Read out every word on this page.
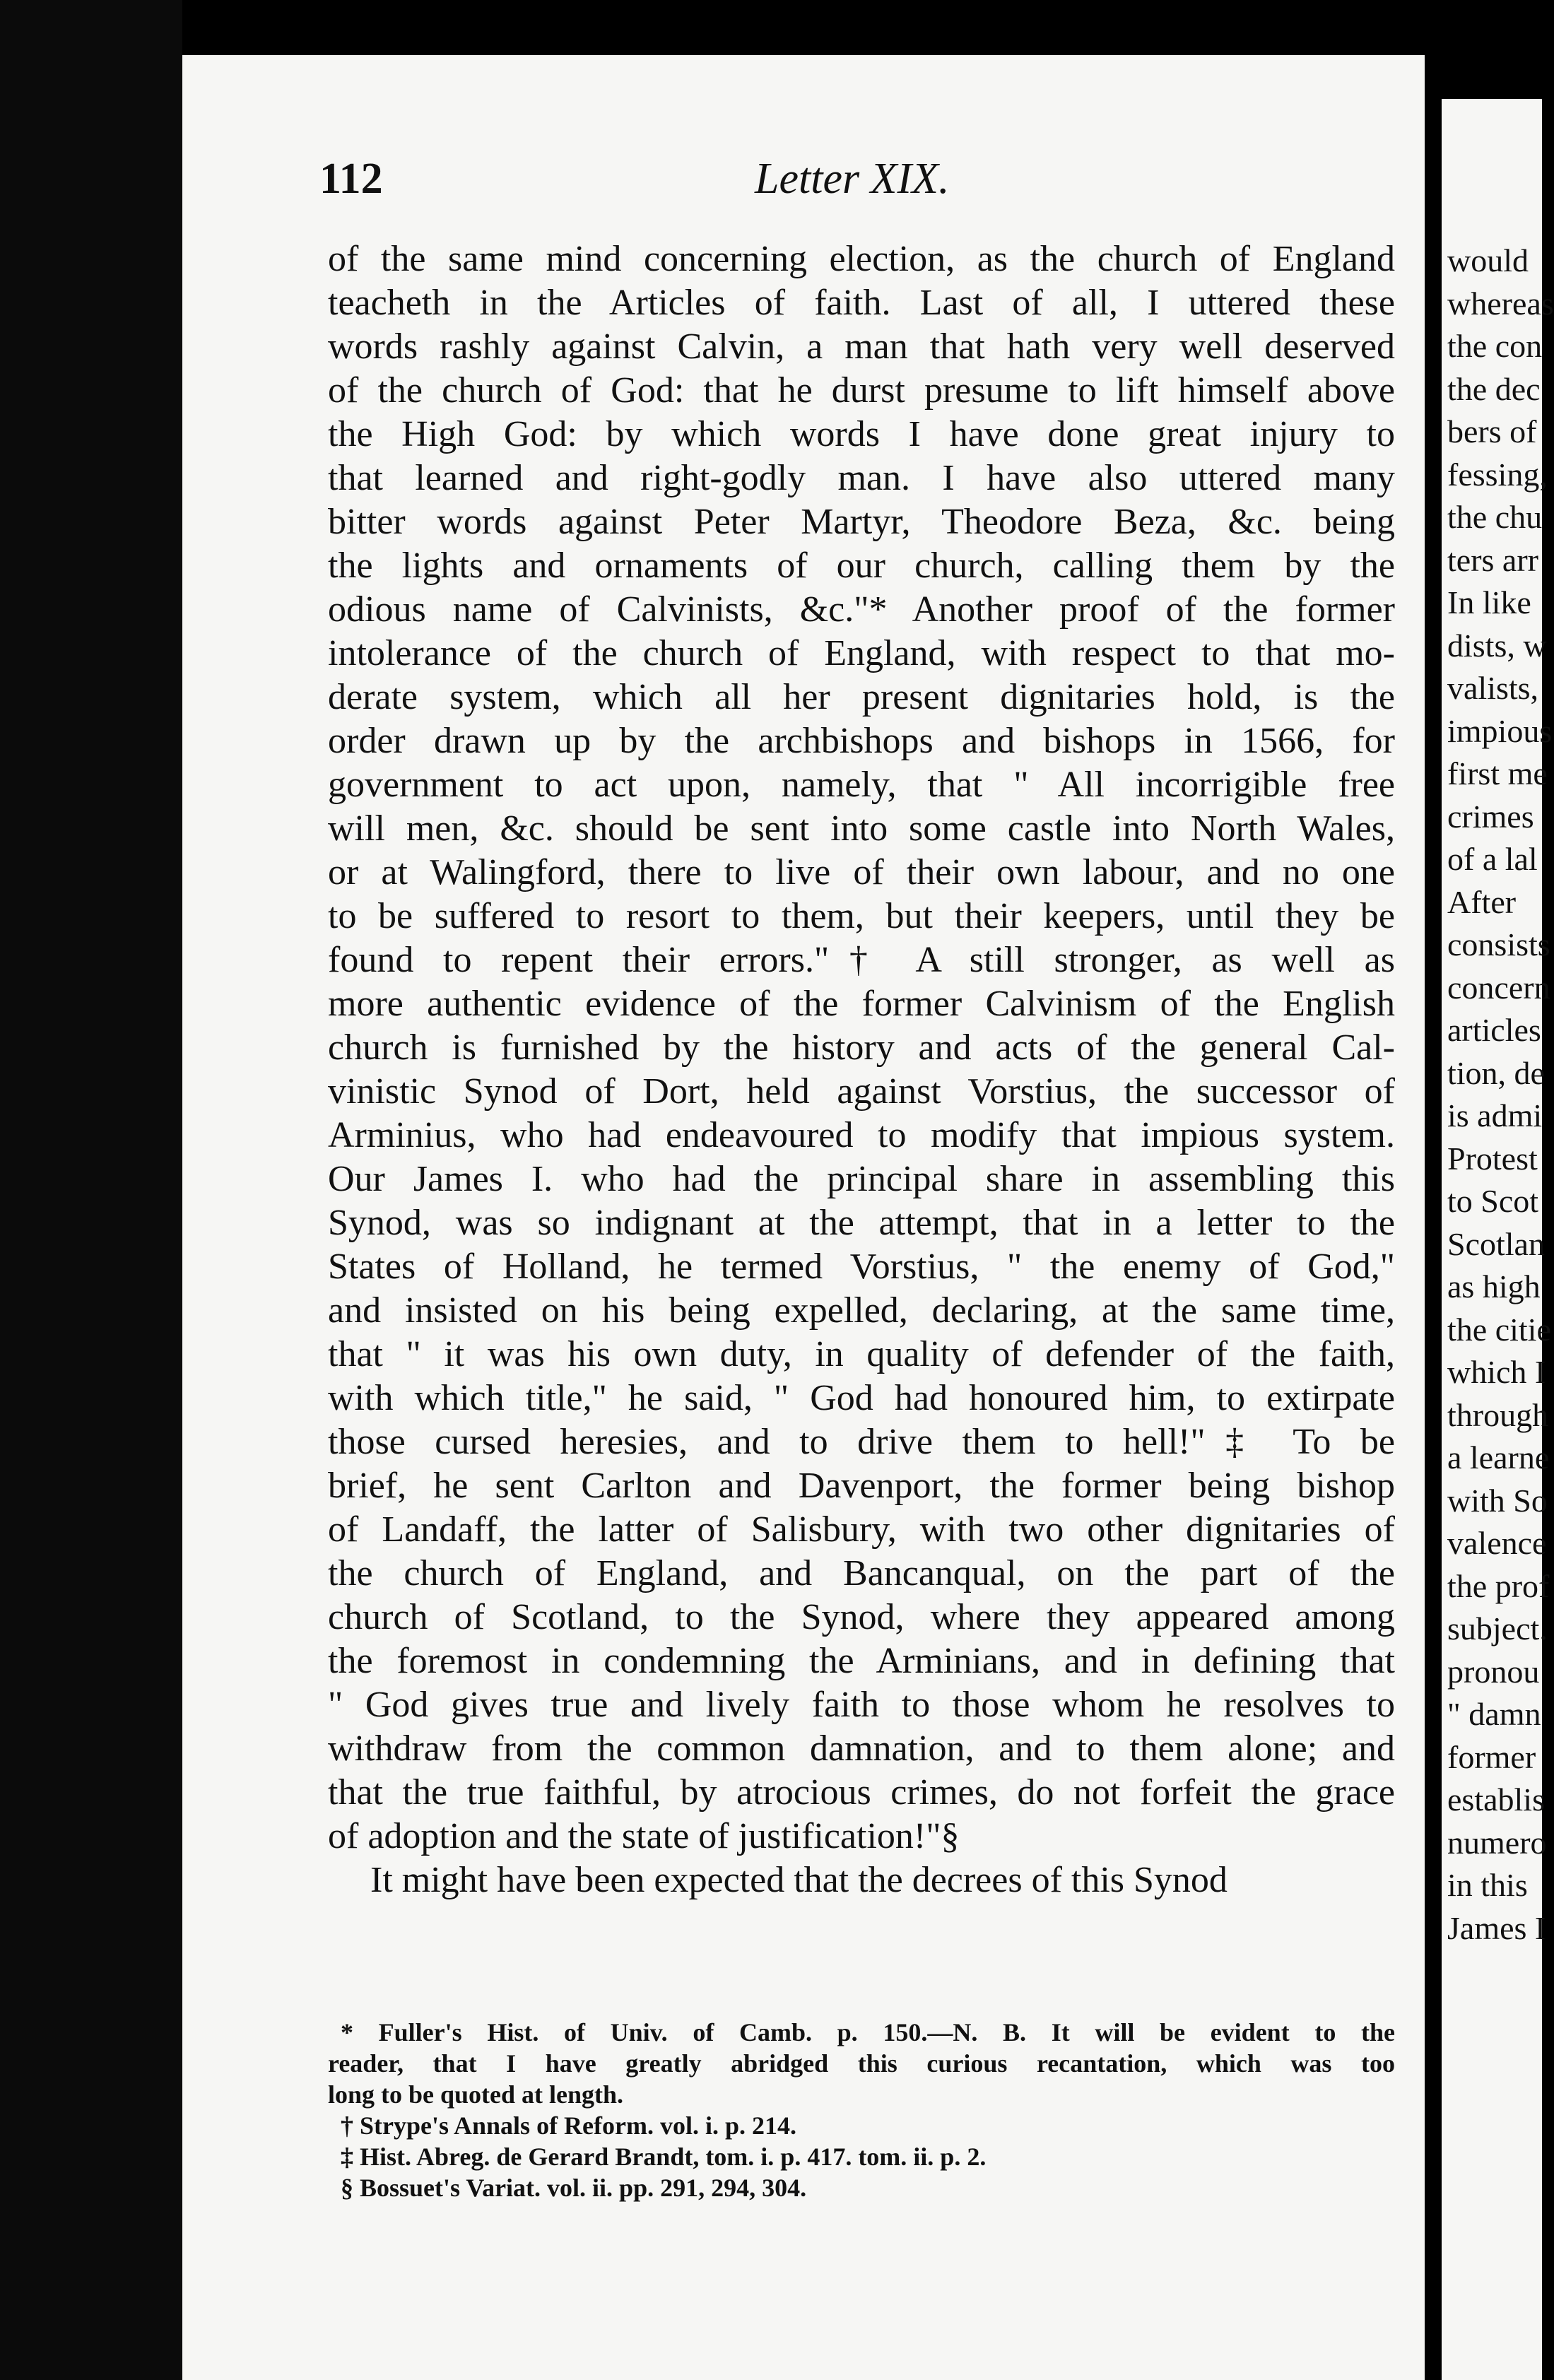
112	Letter XIX.
of the same mind concerning election, as the church of England
teacheth in the Articles of faith. Last of all, I uttered these
words rashly against Calvin, a man that hath very well deserved
of the church of God: that he durst presume to lift himself above
the High God: by which words I have done great injury to
that learned and right-godly man. I have also uttered many
bitter words against Peter Martyr, Theodore Beza, &c. being
the lights and ornaments of our church, calling them by the
odious name of Calvinists, &c."* Another proof of the former
intolerance of the church of England, with respect to that mo-
derate system, which all her present dignitaries hold, is the
order drawn up by the archbishops and bishops in 1566, for
government to act upon, namely, that " All incorrigible free
will men, &c. should be sent into some castle into North Wales,
or at Walingford, there to live of their own labour, and no one
to be suffered to resort to them, but their keepers, until they be
found to repent their errors."† A still stronger, as well as
more authentic evidence of the former Calvinism of the English
church is furnished by the history and acts of the general Cal-
vinistic Synod of Dort, held against Vorstius, the successor of
Arminius, who had endeavoured to modify that impious system.
Our James I. who had the principal share in assembling this
Synod, was so indignant at the attempt, that in a letter to the
States of Holland, he termed Vorstius, " the enemy of God,"
and insisted on his being expelled, declaring, at the same time,
that " it was his own duty, in quality of defender of the faith,
with which title," he said, " God had honoured him, to extirpate
those cursed heresies, and to drive them to hell!"‡ To be
brief, he sent Carlton and Davenport, the former being bishop
of Landaff, the latter of Salisbury, with two other dignitaries of
the church of England, and Bancanqual, on the part of the
church of Scotland, to the Synod, where they appeared among
the foremost in condemning the Arminians, and in defining that
" God gives true and lively faith to those whom he resolves to
withdraw from the common damnation, and to them alone; and
that the true faithful, by atrocious crimes, do not forfeit the grace
of adoption and the state of justification!"§
It might have been expected that the decrees of this Synod
* Fuller's Hist. of Univ. of Camb. p. 150.—N. B. It will be evident to the
reader, that I have greatly abridged this curious recantation, which was too
long to be quoted at length.
† Strype's Annals of Reform. vol. i. p. 214.
‡ Hist. Abreg. de Gerard Brandt, tom. i. p. 417. tom. ii. p. 2.
§ Bossuet's Variat. vol. ii. pp. 291, 294, 304.
would
whereas
the con
the dec
bers of
fessing,
the chu
ters arr
In like
dists, w
valists,
impious
first me
crimes
of a lal
After
consists
concern
articles
tion, de
is admi
Protest
to Scot
Scotlan
as high
the citie
which I
through
a learne
with So
valence
the prof
subject.
pronou
" damn
former
establis
numero
in this
James I
